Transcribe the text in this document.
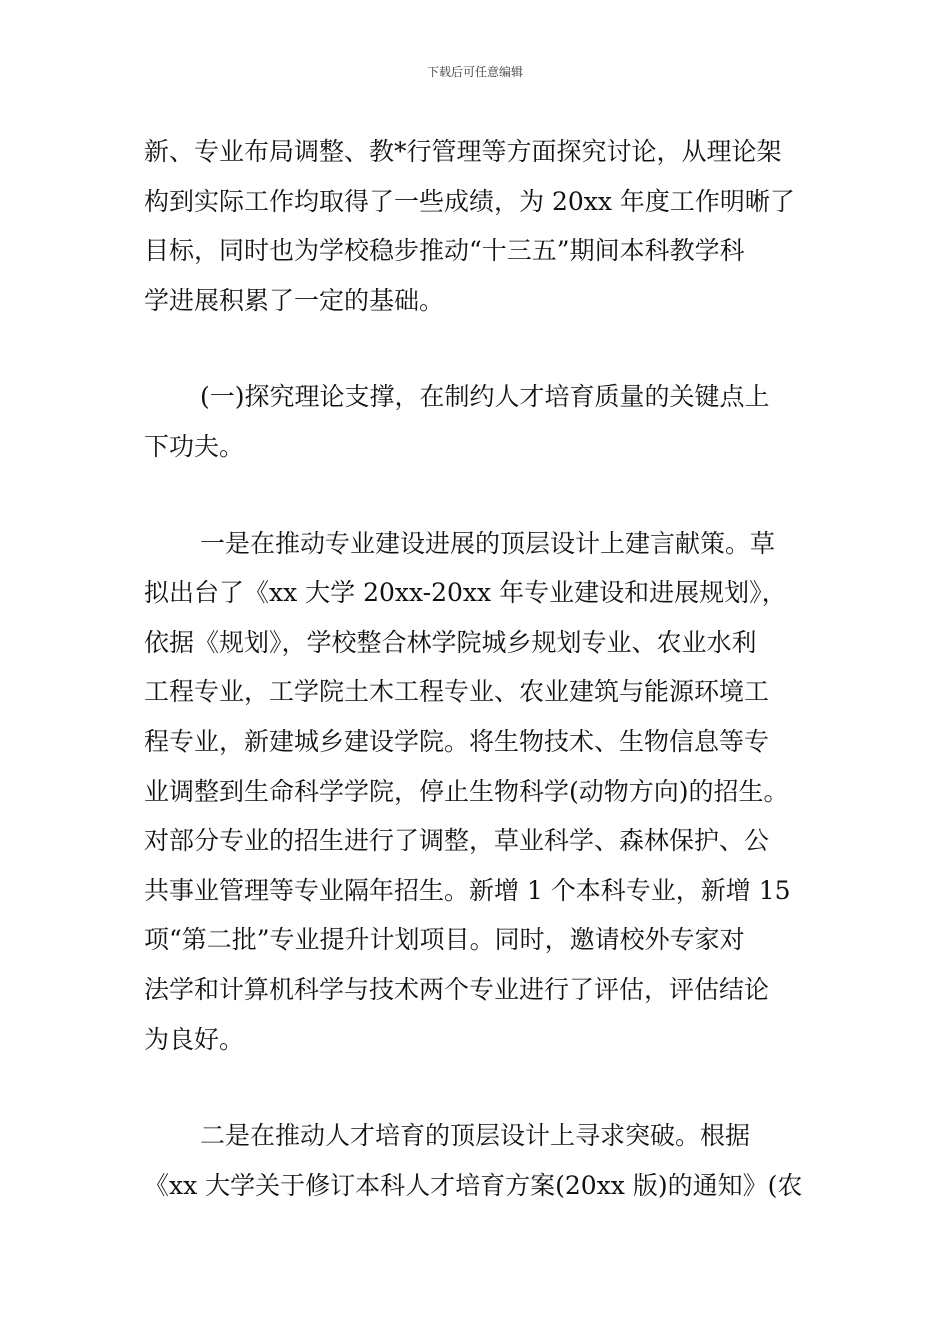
下载后可任意编辑

新、专业布局调整、教*行管理等方面探究讨论，从理论架
构到实际工作均取得了一些成绩，为 20xx 年度工作明晰了
目标，同时也为学校稳步推动“十三五”期间本科教学科
学进展积累了一定的基础。

(一)探究理论支撑，在制约人才培育质量的关键点上
下功夫。

一是在推动专业建设进展的顶层设计上建言献策。草
拟出台了《xx 大学 20xx-20xx 年专业建设和进展规划》，
依据《规划》，学校整合林学院城乡规划专业、农业水利
工程专业，工学院土木工程专业、农业建筑与能源环境工
程专业，新建城乡建设学院。将生物技术、生物信息等专
业调整到生命科学学院，停止生物科学(动物方向)的招生。
对部分专业的招生进行了调整，草业科学、森林保护、公
共事业管理等专业隔年招生。新增 1 个本科专业，新增 15
项“第二批”专业提升计划项目。同时，邀请校外专家对
法学和计算机科学与技术两个专业进行了评估，评估结论
为良好。

二是在推动人才培育的顶层设计上寻求突破。根据
《xx 大学关于修订本科人才培育方案(20xx 版)的通知》(农
